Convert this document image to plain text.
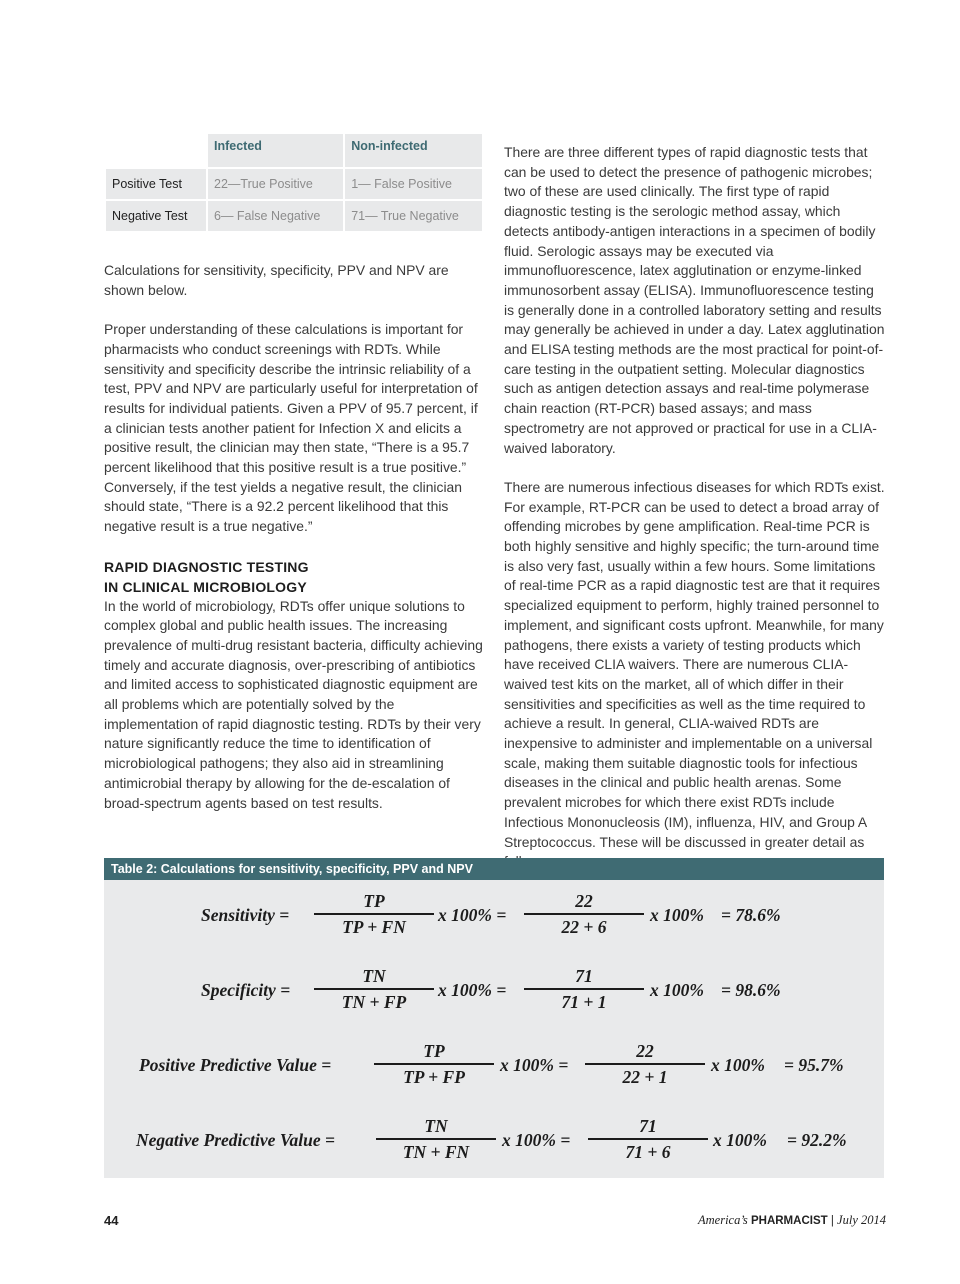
	Infected	Non-infected
Positive Test	22—True Positive	1— False Positive
Negative Test	6— False Negative	71— True Negative

Calculations for sensitivity, specificity, PPV and NPV are shown below.

Proper understanding of these calculations is important for pharmacists who conduct screenings with RDTs. While sensitivity and specificity describe the intrinsic reliability of a test, PPV and NPV are particularly useful for interpretation of results for individual patients. Given a PPV of 95.7 percent, if a clinician tests another patient for Infection X and elicits a positive result, the clinician may then state, “There is a 95.7 percent likelihood that this positive result is a true positive.” Conversely, if the test yields a negative result, the clinician should state, “There is a 92.2 percent likelihood that this negative result is a true negative.”

RAPID DIAGNOSTIC TESTING
IN CLINICAL MICROBIOLOGY

In the world of microbiology, RDTs offer unique solutions to complex global and public health issues. The increasing prevalence of multi-drug resistant bacteria, difficulty achieving timely and accurate diagnosis, over-prescribing of antibiotics and limited access to sophisticated diagnostic equipment are all problems which are potentially solved by the implementation of rapid diagnostic testing. RDTs by their very nature significantly reduce the time to identification of microbiological pathogens; they also aid in streamlining antimicrobial therapy by allowing for the de-escalation of broad-spectrum agents based on test results.

There are three different types of rapid diagnostic tests that can be used to detect the presence of pathogenic microbes; two of these are used clinically. The first type of rapid diagnostic testing is the serologic method assay, which detects antibody-antigen interactions in a specimen of bodily fluid. Serologic assays may be executed via immunofluorescence, latex agglutination or enzyme-linked immunosorbent assay (ELISA). Immunofluorescence testing is generally done in a controlled laboratory setting and results may generally be achieved in under a day. Latex agglutination and ELISA testing methods are the most practical for point-of-care testing in the outpatient setting. Molecular diagnostics such as antigen detection assays and real-time polymerase chain reaction (RT-PCR) based assays; and mass spectrometry are not approved or practical for use in a CLIA-waived laboratory.

There are numerous infectious diseases for which RDTs exist. For example, RT-PCR can be used to detect a broad array of offending microbes by gene amplification. Real-time PCR is both highly sensitive and highly specific; the turn-around time is also very fast, usually within a few hours. Some limitations of real-time PCR as a rapid diagnostic test are that it requires specialized equipment to perform, highly trained personnel to implement, and significant costs upfront. Meanwhile, for many pathogens, there exists a variety of testing products which have received CLIA waivers. There are numerous CLIA-waived test kits on the market, all of which differ in their sensitivities and specificities as well as the time required to achieve a result. In general, CLIA-waived RDTs are inexpensive to administer and implementable on a universal scale, making them suitable diagnostic tools for infectious diseases in the clinical and public health arenas. Some prevalent microbes for which there exist RDTs include Infectious Mononucleosis (IM), influenza, HIV, and Group A Streptococcus. These will be discussed in greater detail as

Table 2: Calculations for sensitivity, specificity, PPV and NPV
Sensitivity =
TP
TP + FN
x 100% =
22
22 + 6
x 100% = 78.6%
Specificity =
TN
TN + FP
x 100% =
71
71 + 1
x 100% = 98.6%
Positive Predictive Value =
TP
TP + FP
x 100% =
22
22 + 1
x 100% = 95.7%
Negative Predictive Value =
TN
TN + FN
x 100% =
71
71 + 6
x 100% = 92.2%
44	America’s PHARMACIST | July 2014
